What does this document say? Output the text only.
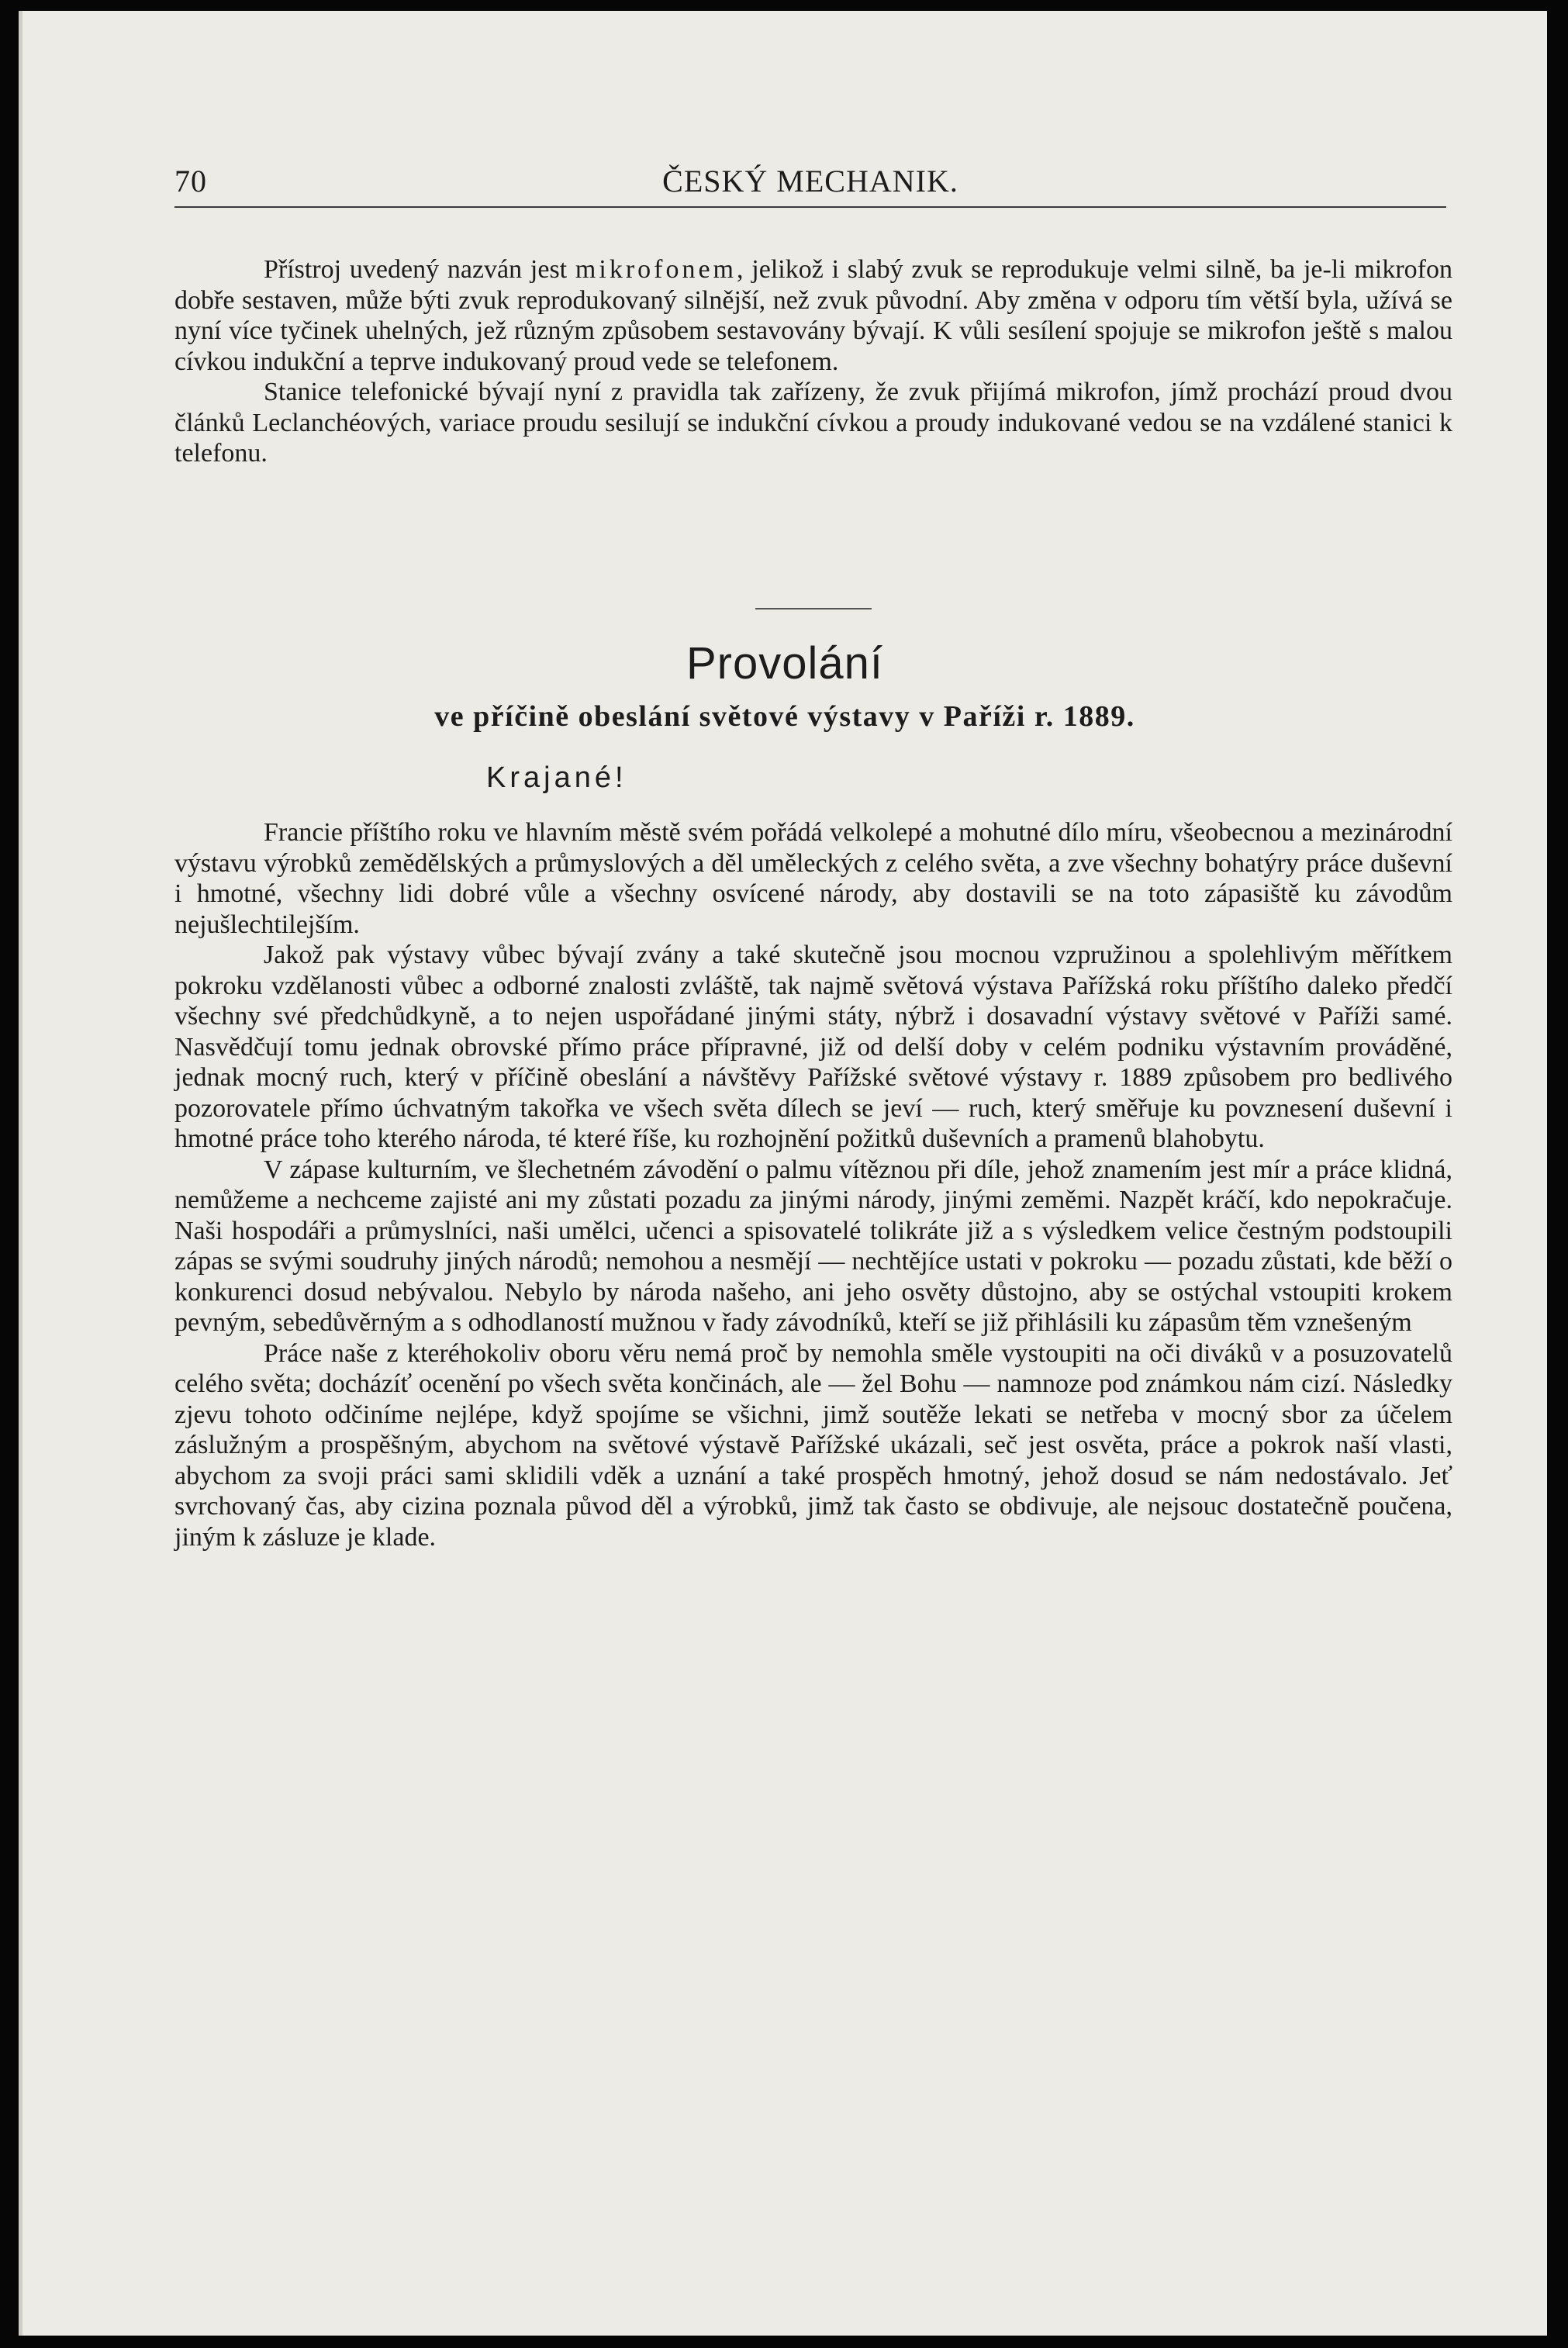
70	ČESKÝ MECHANIK.

Přístroj uvedený nazván jest mikrofonem, jelikož i slabý zvuk se reprodukuje velmi silně, ba je-li mikrofon dobře sestaven, může býti zvuk reprodukovaný silnější, než zvuk původní. Aby změna v odporu tím větší byla, užívá se nyní více tyčinek uhelných, jež různým způsobem sestavovány bývají. K vůli sesílení spojuje se mikrofon ještě s malou cívkou indukční a teprve indukovaný proud vede se telefonem.

Stanice telefonické bývají nyní z pravidla tak zařízeny, že zvuk přijímá mikrofon, jímž prochází proud dvou článků Leclanchéových, variace proudu sesilují se indukční cívkou a proudy indukované vedou se na vzdálené stanici k telefonu.

Provolání
ve příčině obeslání světové výstavy v Paříži r. 1889.
Krajané!

Francie příštího roku ve hlavním městě svém pořádá velkolepé a mohutné dílo míru, všeobecnou a mezinárodní výstavu výrobků zemědělských a průmyslových a děl uměleckých z celého světa, a zve všechny bohatýry práce duševní i hmotné, všechny lidi dobré vůle a všechny osvícené národy, aby dostavili se na toto zápasiště ku závodům nejušlechtilejším.

Jakož pak výstavy vůbec bývají zvány a také skutečně jsou mocnou vzpružinou a spolehlivým měřítkem pokroku vzdělanosti vůbec a odborné znalosti zvláště, tak najmě světová výstava Pařížská roku příštího daleko předčí všechny své předchůdkyně, a to nejen uspořádané jinými státy, nýbrž i dosavadní výstavy světové v Paříži samé. Nasvědčují tomu jednak obrovské přímo práce přípravné, již od delší doby v celém podniku výstavním prováděné, jednak mocný ruch, který v příčině obeslání a návštěvy Pařížské světové výstavy r. 1889 způsobem pro bedlivého pozorovatele přímo úchvatným takořka ve všech světa dílech se jeví — ruch, který směřuje ku povznesení duševní i hmotné práce toho kterého národa, té které říše, ku rozhojnění požitků duševních a pramenů blahobytu.

V zápase kulturním, ve šlechetném závodění o palmu vítěznou při díle, jehož znamením jest mír a práce klidná, nemůžeme a nechceme zajisté ani my zůstati pozadu za jinými národy, jinými zeměmi. Nazpět kráčí, kdo nepokračuje. Naši hospodáři a průmyslníci, naši umělci, učenci a spisovatelé tolikráte již a s výsledkem velice čestným podstoupili zápas se svými soudruhy jiných národů; nemohou a nesmějí — nechtějíce ustati v pokroku — pozadu zůstati, kde běží o konkurenci dosud nebývalou. Nebylo by národa našeho, ani jeho osvěty důstojno, aby se ostýchal vstoupiti krokem pevným, sebedůvěrným a s odhodlaností mužnou v řady závodníků, kteří se již přihlásili ku zápasům těm vznešeným

Práce naše z kteréhokoliv oboru věru nemá proč by nemohla směle vystoupiti na oči diváků v a posuzovatelů celého světa; docházíť ocenění po všech světa končinách, ale — žel Bohu — namnoze pod známkou nám cizí. Následky zjevu tohoto odčiníme nejlépe, když spojíme se všichni, jimž soutěže lekati se netřeba v mocný sbor za účelem záslužným a prospěšným, abychom na světové výstavě Pařížské ukázali, seč jest osvěta, práce a pokrok naší vlasti, abychom za svoji práci sami sklidili vděk a uznání a také prospěch hmotný, jehož dosud se nám nedostávalo. Jeť svrchovaný čas, aby cizina poznala původ děl a výrobků, jimž tak často se obdivuje, ale nejsouc dostatečně poučena, jiným k zásluze je klade.
